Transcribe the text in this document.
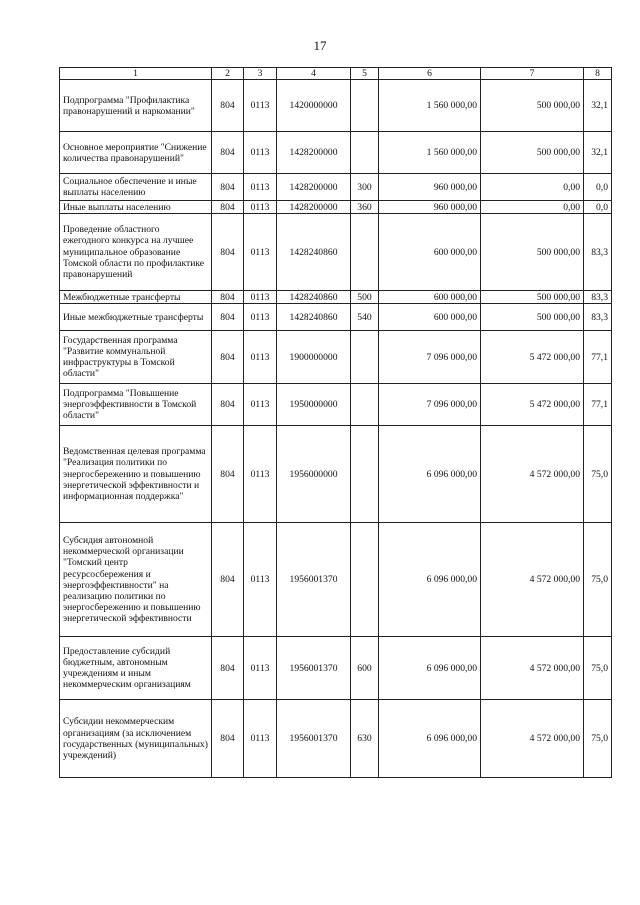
17
1	2	3	4	5	6	7	8
Подпрограмма "Профилактика правонарушений и наркомании"	804	0113	1420000000		1 560 000,00	500 000,00	32,1
Основное мероприятие "Снижение количества правонарушений"	804	0113	1428200000		1 560 000,00	500 000,00	32,1
Социальное обеспечение и иные выплаты населению	804	0113	1428200000	300	960 000,00	0,00	0,0
Иные выплаты населению	804	0113	1428200000	360	960 000,00	0,00	0,0
Проведение областного ежегодного конкурса на лучшее муниципальное образование Томской области по профилактике правонарушений	804	0113	1428240860		600 000,00	500 000,00	83,3
Межбюджетные трансферты	804	0113	1428240860	500	600 000,00	500 000,00	83,3
Иные межбюджетные трансферты	804	0113	1428240860	540	600 000,00	500 000,00	83,3
Государственная программа "Развитие коммунальной инфраструктуры в Томской области"	804	0113	1900000000		7 096 000,00	5 472 000,00	77,1
Подпрограмма "Повышение энергоэффективности в Томской области"	804	0113	1950000000		7 096 000,00	5 472 000,00	77,1
Ведомственная целевая программа "Реализация политики по энергосбережению и повышению энергетической эффективности и информационная поддержка"	804	0113	1956000000		6 096 000,00	4 572 000,00	75,0
Субсидия автономной некоммерческой организации "Томский центр ресурсосбережения и энергоэффективности" на реализацию политики по энергосбережению и повышению энергетической эффективности	804	0113	1956001370		6 096 000,00	4 572 000,00	75,0
Предоставление субсидий бюджетным, автономным учреждениям и иным некоммерческим организациям	804	0113	1956001370	600	6 096 000,00	4 572 000,00	75,0
Субсидии некоммерческим организациям (за исключением государственных (муниципальных) учреждений)	804	0113	1956001370	630	6 096 000,00	4 572 000,00	75,0
